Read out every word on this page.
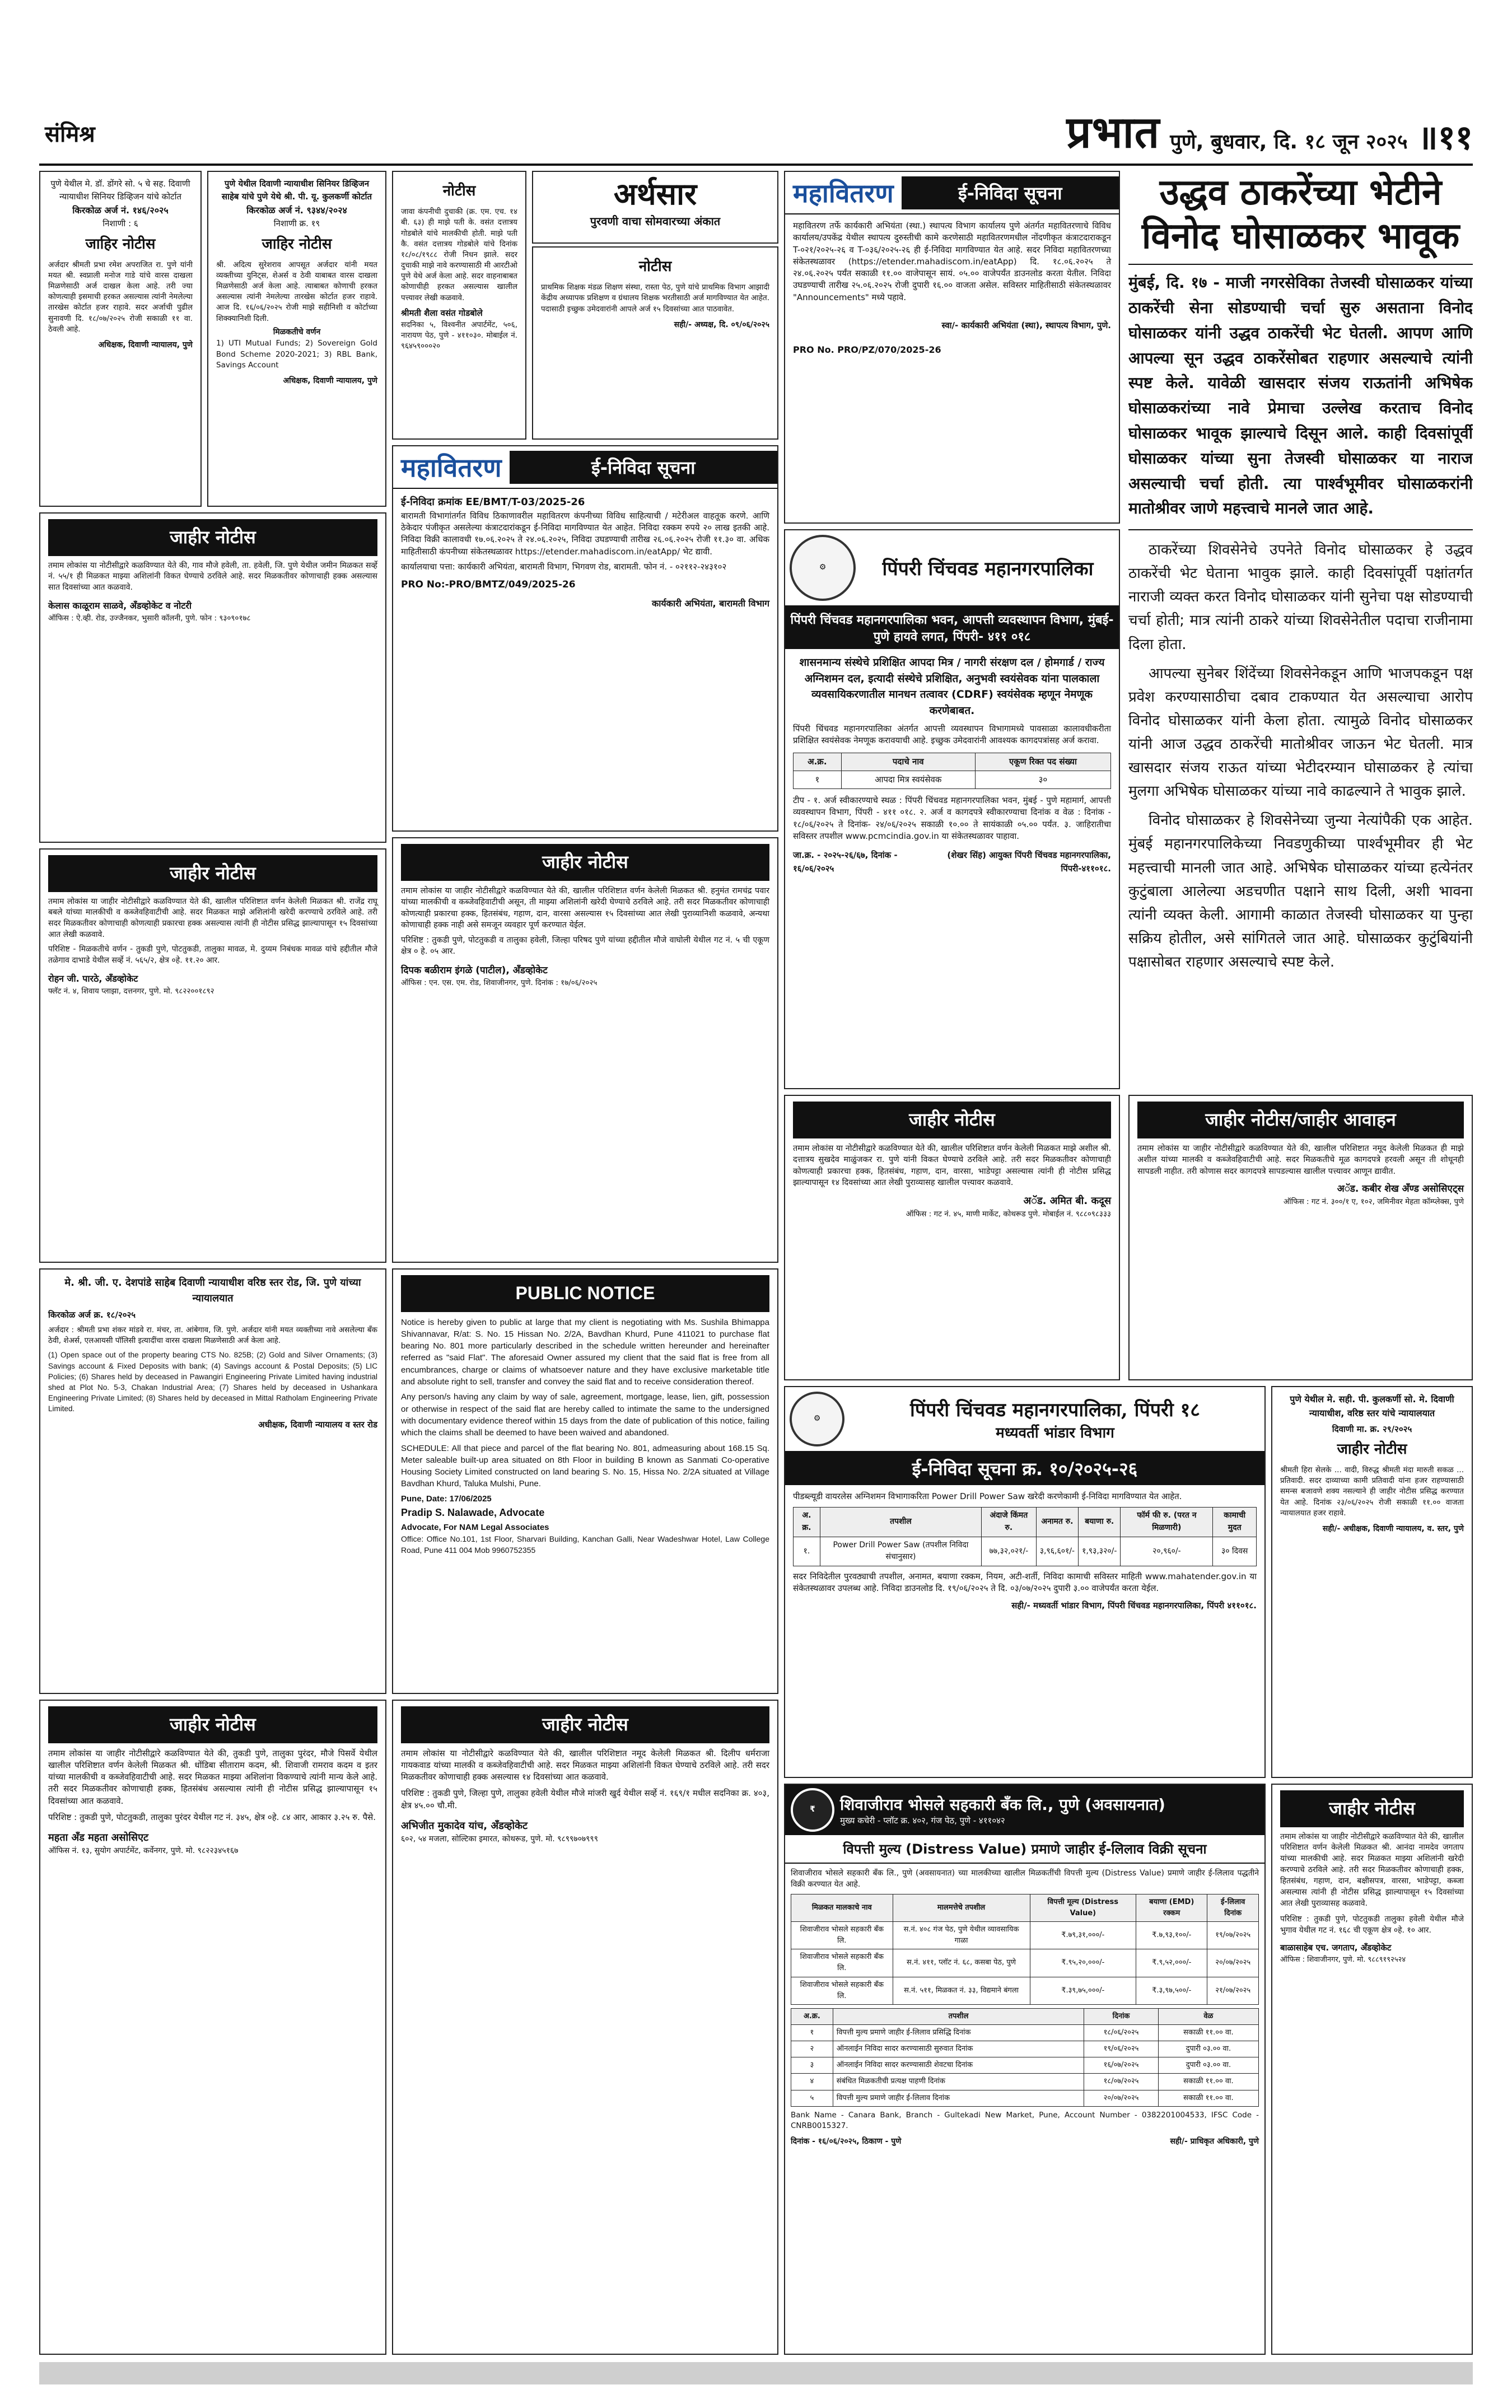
संमिश्र	प्रभात पुणे, बुधवार, दि. १८ जून २०२५ ॥११
पुणे येथील मे. डॉ. डोंगरे सो. ५ चे सह. दिवाणी न्यायाधीश सिनियर डिव्हिजन यांचे कोर्टात
किरकोळ अर्ज नं. १४६/२०२५
निशाणी : ६
जाहिर नोटीस
अर्जदार श्रीमती प्रभा रमेश अपराजित रा. पुणे यांनी मयत श्री. स्वप्नाली मनोज गाडे यांचे वारस दाखला मिळणेसाठी अर्ज दाखल केला आहे. तरी ज्या कोणत्याही इसमाची हरकत असल्यास त्यांनी नेमलेल्या तारखेस कोर्टात हजर राहावे. सदर अर्जाची पुढील सुनावणी दि. १८/०७/२०२५ रोजी सकाळी ११ वा. ठेवली आहे.
अधिक्षक, दिवाणी न्यायालय, पुणे
पुणे येथील दिवाणी न्यायाधीश सिनियर डिव्हिजन साहेब यांचे पुणे येथे श्री. पी. यू. कुलकर्णी कोर्टात
किरकोळ अर्ज नं. ९३४४/२०२४
निशाणी क्र. १९
जाहिर नोटीस
श्री. अदित्य सुरेशराव आपसूत अर्जदार यांनी मयत व्यक्तीच्या युनिट्स, शेअर्स व ठेवी याबाबत वारस दाखला मिळणेसाठी अर्ज केला आहे. त्याबाबत कोणाची हरकत असल्यास त्यांनी नेमलेल्या तारखेस कोर्टात हजर राहावे. आज दि. १६/०६/२०२५ रोजी माझे सहीनिशी व कोर्टाच्या शिक्क्यानिशी दिली.
मिळकतीचे वर्णन
1) UTI Mutual Funds; 2) Sovereign Gold Bond Scheme 2020-2021; 3) RBL Bank, Savings Account
अधिक्षक, दिवाणी न्यायालय, पुणे
नोटीस
जावा कंपनीची दुचाकी (क्र. एम. एच. १४ बी. ६३) ही माझे पती के. वसंत दत्तात्रय गोडबोले यांचे मालकीची होती. माझे पती कै. वसंत दत्तात्रय गोडबोले यांचे दिनांक १८/०८/१९८८ रोजी निधन झाले. सदर दुचाकी माझे नावे करण्यासाठी मी आरटीओ पुणे येथे अर्ज केला आहे. सदर वाहनाबाबत कोणाचीही हरकत असल्यास खालील पत्त्यावर लेखी कळवावे.
श्रीमती शैला वसंत गोडबोले
सदनिका ५, विश्वनीत अपार्टमेंट, ५०६, नारायण पेठ, पुणे - ४११०३०. मोबाईल नं. ९६४५९०००२०
अर्थसार
पुरवणी वाचा सोमवारच्या अंकात
नोटीस
प्राथमिक शिक्षक मंडळ शिक्षण संस्था, रास्ता पेठ, पुणे यांचे प्राथमिक विभाग आझादी केंद्रीय अध्यापक प्रशिक्षण व ग्रंथालय शिक्षक भरतीसाठी अर्ज मागविण्यात येत आहेत. पदासाठी इच्छुक उमेदवारांनी आपले अर्ज १५ दिवसांच्या आत पाठवावेत.
सही/- अध्यक्ष, दि. ०९/०६/२०२५
महावितरण	ई-निविदा सूचना
महावितरण तर्फे कार्यकारी अभियंता (स्था.) स्थापत्य विभाग कार्यालय पुणे अंतर्गत महावितरणाचे विविध कार्यालय/उपकेंद्र येथील स्थापत्य दुरुस्तीची कामे करणेसाठी महावितरणमधील नोंदणीकृत कंत्राटदाराकडून T-०२१/२०२५-२६ व T-०३६/२०२५-२६ ही ई-निविदा मागविण्यात येत आहे. सदर निविदा महावितरणच्या संकेतस्थळावर (https://etender.mahadiscom.in/eatApp) दि. १८.०६.२०२५ ते २४.०६.२०२५ पर्यंत सकाळी ११.०० वाजेपासून सायं. ०५.०० वाजेपर्यंत डाउनलोड करता येतील. निविदा उघडण्याची तारीख २५.०६.२०२५ रोजी दुपारी १६.०० वाजता असेल. सविस्तर माहितीसाठी संकेतस्थळावर "Announcements" मध्ये पहावे.
स्वा/- कार्यकारी अभियंता (स्था), स्थापत्य विभाग, पुणे.
PRO No. PRO/PZ/070/2025-26
उद्धव ठाकरेंच्या भेटीने विनोद घोसाळकर भावूक
मुंबई, दि. १७ - माजी नगरसेविका तेजस्वी घोसाळकर यांच्या ठाकरेंची सेना सोडण्याची चर्चा सुरु असताना विनोद घोसाळकर यांनी उद्धव ठाकरेंची भेट घेतली. आपण आणि आपल्या सून उद्धव ठाकरेंसोबत राहणार असल्याचे त्यांनी स्पष्ट केले. यावेळी खासदार संजय राऊतांनी अभिषेक घोसाळकरांच्या नावे प्रेमाचा उल्लेख करताच विनोद घोसाळकर भावूक झाल्याचे दिसून आले. काही दिवसांपूर्वी घोसाळकर यांच्या सुना तेजस्वी घोसाळकर या नाराज असल्याची चर्चा होती. त्या पार्श्वभूमीवर घोसाळकरांनी मातोश्रीवर जाणे महत्त्वाचे मानले जात आहे.

ठाकरेंच्या शिवसेनेचे उपनेते विनोद घोसाळकर हे उद्धव ठाकरेंची भेट घेताना भावुक झाले. काही दिवसांपूर्वी पक्षांतर्गत नाराजी व्यक्त करत विनोद घोसाळकर यांनी सुनेचा पक्ष सोडण्याची चर्चा होती; मात्र त्यांनी ठाकरे यांच्या शिवसेनेतील पदाचा राजीनामा दिला होता.

आपल्या सुनेबर शिंदेंच्या शिवसेनेकडून आणि भाजपकडून पक्ष प्रवेश करण्यासाठीचा दबाव टाकण्यात येत असल्याचा आरोप विनोद घोसाळकर यांनी केला होता. त्यामुळे विनोद घोसाळकर यांनी आज उद्धव ठाकरेंची मातोश्रीवर जाऊन भेट घेतली. मात्र खासदार संजय राऊत यांच्या भेटीदरम्यान घोसाळकर हे त्यांचा मुलगा अभिषेक घोसाळकर यांच्या नावे काढल्याने ते भावुक झाले.

विनोद घोसाळकर हे शिवसेनेच्या जुन्या नेत्यांपैकी एक आहेत. मुंबई महानगरपालिकेच्या निवडणुकीच्या पार्श्वभूमीवर ही भेट महत्त्वाची मानली जात आहे. अभिषेक घोसाळकर यांच्या हत्येनंतर कुटुंबाला आलेल्या अडचणीत पक्षाने साथ दिली, अशी भावना त्यांनी व्यक्त केली. आगामी काळात तेजस्वी घोसाळकर या पुन्हा सक्रिय होतील, असे सांगितले जात आहे. घोसाळकर कुटुंबियांनी पक्षासोबत राहणार असल्याचे स्पष्ट केले.

जाहीर नोटीस
तमाम लोकांस या नोटीसीद्वारे कळविण्यात येते की, गाव मौजे हवेली, ता. हवेली, जि. पुणे येथील जमीन मिळकत सर्व्हे नं. ५५/१ ही मिळकत माझ्या अशिलांनी विकत घेण्याचे ठरविले आहे. सदर मिळकतीवर कोणाचाही हक्क असल्यास सात दिवसांच्या आत कळवावे.
केलास काळूराम साळवे, अँडव्होकेट व नोटरी
ऑफिस : ऐ.व्ही. रोड, उज्जैनकर, भुसारी कॉलनी, पुणे. फोन : ९३०९०१७८
जाहीर नोटीस
तमाम लोकांस या जाहीर नोटीसीद्वारे कळविण्यात येते की, खालील परिशिष्टात वर्णन केलेली मिळकत श्री. राजेंद्र राघू बबले यांच्या मालकीची व कब्जेवहिवाटीची आहे. सदर मिळकत माझे अशिलांनी खरेदी करण्याचे ठरविले आहे. तरी सदर मिळकतीवर कोणाचाही कोणत्याही प्रकारचा हक्क असल्यास त्यांनी ही नोटीस प्रसिद्ध झाल्यापासून १५ दिवसांच्या आत लेखी कळवावे.
परिशिष्ट - मिळकतीचे वर्णन - तुकडी पुणे, पोटतुकडी, तालुका मावळ, मे. दुय्यम निबंधक मावळ यांचे हद्दीतील मौजे तळेगाव दाभाडे येथील सर्व्हे नं. ५६५/२, क्षेत्र ०हे. ११.२० आर.
रोहन जी. पारठे, अँडव्होकेट
फ्लॅट नं. ४, शिवाय प्लाझा, दत्तनगर, पुणे. मो. ९८२२००१८९२
महावितरण	ई-निविदा सूचना
ई-निविदा क्रमांक EE/BMT/T-03/2025-26
बारामती विभागांतर्गत विविध ठिकाणावरील महावितरण कंपनीच्या विविध साहित्याची / मटेरीअल वाहतूक करणे. आणि ठेकेदार पंजीकृत असलेल्या कंत्राटदारांकडून ई-निविदा मागविण्यात येत आहेत. निविदा रक्कम रुपये २० लाख इतकी आहे. निविदा विक्री कालावधी १७.०६.२०२५ ते २४.०६.२०२५, निविदा उघडण्याची तारीख २६.०६.२०२५ रोजी ११.३० वा. अधिक माहितीसाठी कंपनीच्या संकेतस्थळावर https://etender.mahadiscom.in/eatApp/ भेट द्यावी.
कार्यालयाचा पत्ता: कार्यकारी अभियंता, बारामती विभाग, भिगवण रोड, बारामती. फोन नं. - ०२११२-२४३१०२
PRO No:-PRO/BMTZ/049/2025-26
कार्यकारी अभियंता, बारामती विभाग
⚙	पिंपरी चिंचवड महानगरपालिका
पिंपरी चिंचवड महानगरपालिका भवन, आपत्ती व्यवस्थापन विभाग, मुंबई-पुणे हायवे लगत, पिंपरी- ४११ ०१८
शासनमान्य संस्थेचे प्रशिक्षित आपदा मित्र / नागरी संरक्षण दल / होमगार्ड / राज्य अग्निशमन दल, इत्यादी संस्थेचे प्रशिक्षित, अनुभवी स्वयंसेवक यांना पालकाला व्यवसायिकरणातील मानधन तत्वावर (CDRF) स्वयंसेवक म्हणून नेमणूक करणेबाबत.
पिंपरी चिंचवड महानगरपालिका अंतर्गत आपत्ती व्यवस्थापन विभागामध्ये पावसाळा कालावधीकरीता प्रशिक्षित स्वयंसेवक नेमणूक करावयाची आहे. इच्छुक उमेदवारांनी आवश्यक कागदपत्रांसह अर्ज करावा.
अ.क्र.	पदाचे नाव	एकूण रिक्त पद संख्या
१	आपदा मित्र स्वयंसेवक	३०
टीप - १. अर्ज स्वीकारण्याचे स्थळ : पिंपरी चिंचवड महानगरपालिका भवन, मुंबई - पुणे महामार्ग, आपत्ती व्यवस्थापन विभाग, पिंपरी - ४११ ०१८. २. अर्ज व कागदपत्रे स्वीकारण्याचा दिनांक व वेळ : दिनांक - १८/०६/२०२५ ते दिनांक- २४/०६/२०२५ सकाळी १०.०० ते सायंकाळी ०५.०० पर्यंत. ३. जाहिरातीचा सविस्तर तपशील www.pcmcindia.gov.in या संकेतस्थळावर पाहावा.
जा.क्र. - २०२५-२६/६७, दिनांक - १६/०६/२०२५
(शेखर सिंह) आयुक्त पिंपरी चिंचवड महानगरपालिका, पिंपरी-४११०१८.
जाहीर नोटीस
तमाम लोकांस या जाहीर नोटीसीद्वारे कळविण्यात येते की, खालील परिशिष्टात वर्णन केलेली मिळकत श्री. हनुमंत रामचंद्र पवार यांच्या मालकीची व कब्जेवहिवाटीची असून, ती माझ्या अशिलांनी खरेदी घेण्याचे ठरविले आहे. तरी सदर मिळकतीवर कोणाचाही कोणत्याही प्रकारचा हक्क, हितसंबंध, गहाण, दान, वारसा असल्यास १५ दिवसांच्या आत लेखी पुराव्यानिशी कळवावे, अन्यथा कोणाचाही हक्क नाही असे समजून व्यवहार पूर्ण करण्यात येईल.
परिशिष्ट : तुकडी पुणे, पोटतुकडी व तालुका हवेली, जिल्हा परिषद पुणे यांच्या हद्दीतील मौजे वाघोली येथील गट नं. ५ ची एकूण क्षेत्र ० हे. ०५ आर.
दिपक बळीराम इंगळे (पाटील), अँडव्होकेट
ऑफिस : एन. एस. एम. रोड, शिवाजीनगर, पुणे. दिनांक : १७/०६/२०२५
जाहीर नोटीस
तमाम लोकांस या नोटीसीद्वारे कळविण्यात येते की, खालील परिशिष्टात वर्णन केलेली मिळकत माझे अशील श्री. दत्तात्रय सुखदेव माळुंजकर रा. पुणे यांनी विकत घेण्याचे ठरविले आहे. तरी सदर मिळकतीवर कोणाचाही कोणत्याही प्रकारचा हक्क, हितसंबंध, गहाण, दान, वारसा, भाडेपट्टा असल्यास त्यांनी ही नोटीस प्रसिद्ध झाल्यापासून १४ दिवसांच्या आत लेखी पुराव्यासह खालील पत्त्यावर कळवावे.
अॅड. अमित बी. कदूस
ऑफिस : गट नं. ४५, माणी मार्केट, कोथरूड पुणे. मोबाईल नं. ९८८०९८३३३
जाहीर नोटीस/जाहीर आवाहन
तमाम लोकांस या जाहीर नोटीसीद्वारे कळविण्यात येते की, खालील परिशिष्टात नमूद केलेली मिळकत ही माझे अशील यांच्या मालकी व कब्जेवहिवाटीची आहे. सदर मिळकतीचे मूळ कागदपत्रे हरवली असून ती शोधूनही सापडली नाहीत. तरी कोणास सदर कागदपत्रे सापडल्यास खालील पत्त्यावर आणून द्यावीत.
अॅड. कबीर शेख अँण्ड असोसिएट्स
ऑफिस : गट नं. ३००/१ ए, १०२, जमिनीवर मेहता कॉम्प्लेक्स, पुणे
मे. श्री. जी. ए. देशपांडे साहेब दिवाणी न्यायाधीश वरिष्ठ स्तर रोड, जि. पुणे यांच्या न्यायालयात
किरकोळ अर्ज क्र. १८/२०२५
अर्जदार : श्रीमती प्रभा शंकर मांडवे रा. मंचर, ता. आंबेगाव, जि. पुणे. अर्जदार यांनी मयत व्यक्तीच्या नावे असलेल्या बँक ठेवी, शेअर्स, एलआयसी पॉलिसी इत्यादींचा वारस दाखला मिळणेसाठी अर्ज केला आहे.
(1) Open space out of the property bearing CTS No. 825B; (2) Gold and Silver Ornaments; (3) Savings account & Fixed Deposits with bank; (4) Savings account & Postal Deposits; (5) LIC Policies; (6) Shares held by deceased in Pawangiri Engineering Private Limited having industrial shed at Plot No. 5-3, Chakan Industrial Area; (7) Shares held by deceased in Ushankara Engineering Private Limited; (8) Shares held by deceased in Mittal Ratholam Engineering Private Limited.
अधीक्षक, दिवाणी न्यायालय व स्तर रोड
PUBLIC NOTICE
Notice is hereby given to public at large that my client is negotiating with Ms. Sushila Bhimappa Shivannavar, R/at: S. No. 15 Hissan No. 2/2A, Bavdhan Khurd, Pune 411021 to purchase flat bearing No. 801 more particularly described in the schedule written hereunder and hereinafter referred as "said Flat". The aforesaid Owner assured my client that the said flat is free from all encumbrances, charge or claims of whatsoever nature and they have exclusive marketable title and absolute right to sell, transfer and convey the said flat and to receive consideration thereof.
Any person/s having any claim by way of sale, agreement, mortgage, lease, lien, gift, possession or otherwise in respect of the said flat are hereby called to intimate the same to the undersigned with documentary evidence thereof within 15 days from the date of publication of this notice, failing which the claims shall be deemed to have been waived and abandoned.
SCHEDULE: All that piece and parcel of the flat bearing No. 801, admeasuring about 168.15 Sq. Meter saleable built-up area situated on 8th Floor in building B known as Sanmati Co-operative Housing Society Limited constructed on land bearing S. No. 15, Hissa No. 2/2A situated at Village Bavdhan Khurd, Taluka Mulshi, Pune.
Pune, Date: 17/06/2025
Pradip S. Nalawade, Advocate
Advocate, For NAM Legal Associates
Office: Office No.101, 1st Floor, Sharvari Building, Kanchan Galli, Near Wadeshwar Hotel, Law College Road, Pune 411 004 Mob 9960752355
⚙	पिंपरी चिंचवड महानगरपालिका, पिंपरी १८
मध्यवर्ती भांडार विभाग
ई-निविदा सूचना क्र. १०/२०२५-२६
पीडब्ल्यूडी वायरलेस अग्निशमन विभागाकरिता Power Drill Power Saw खरेदी करणेकामी ई-निविदा मागविण्यात येत आहेत.
अ. क्र.	तपशील	अंदाजे किंमत रु.	अनामत रु.	बयाणा रु.	फॉर्म फी रु. (परत न मिळणारी)	कामाची मुदत
१.	Power Drill Power Saw (तपशील निविदा संचानुसार)	७७,३२,०२१/-	३,९६,६०१/-	१,९३,३२०/-	२०,९६०/-	३० दिवस
सदर निविदेतील पुरवठ्याची तपशील, अनामत, बयाणा रक्कम, नियम, अटी-शर्ती, निविदा कामाची सविस्तर माहिती www.mahatender.gov.in या संकेतस्थळावर उपलब्ध आहे. निविदा डाउनलोड दि. १९/०६/२०२५ ते दि. ०३/०७/२०२५ दुपारी ३.०० वाजेपर्यंत करता येईल.
सही/- मध्यवर्ती भांडार विभाग, पिंपरी चिंचवड महानगरपालिका, पिंपरी ४११०१८.
पुणे येथील मे. सही. पी. कुलकर्णी सो. मे. दिवाणी न्यायाधीश, वरिष्ठ स्तर यांचे न्यायालयात
दिवाणी मा. क्र. २९/२०२५
जाहीर नोटीस
श्रीमती हिरा सेलके ... वादी, विरुद्ध श्रीमती मंदा मारुती सकळ ... प्रतिवादी. सदर दाव्याच्या कामी प्रतिवादी यांना हजर राहण्यासाठी समन्स बजावणे शक्य नसल्याने ही जाहीर नोटीस प्रसिद्ध करण्यात येत आहे. दिनांक २३/०६/२०२५ रोजी सकाळी ११.०० वाजता न्यायालयात हजर राहावे.
सही/- अधीक्षक, दिवाणी न्यायालय, व. स्तर, पुणे
जाहीर नोटीस
तमाम लोकांस या जाहीर नोटीसीद्वारे कळविण्यात येते की, तुकडी पुणे, तालुका पुरंदर, मौजे पिसर्वे येथील खालील परिशिष्टात वर्णन केलेली मिळकत श्री. धोंडिबा सीताराम कदम, श्री. शिवाजी रामराव कदम व इतर यांच्या मालकीची व कब्जेवहिवाटीची आहे. सदर मिळकत माझ्या अशिलांना विकण्याचे त्यांनी मान्य केले आहे. तरी सदर मिळकतीवर कोणाचाही हक्क, हितसंबंध असल्यास त्यांनी ही नोटीस प्रसिद्ध झाल्यापासून १५ दिवसांच्या आत कळवावे.
परिशिष्ट : तुकडी पुणे, पोटतुकडी, तालुका पुरंदर येथील गट नं. ३४५, क्षेत्र ०हे. ८४ आर, आकार ३.२५ रु. पैसे.
महता अँड महता असोसिएट
ऑफिस नं. १३, सुयोग अपार्टमेंट, कर्वेनगर, पुणे. मो. ९८२२३४५१६७
जाहीर नोटीस
तमाम लोकांस या नोटीसीद्वारे कळविण्यात येते की, खालील परिशिष्टात नमूद केलेली मिळकत श्री. दिलीप धर्मराजा गायकवाड यांच्या मालकी व कब्जेवहिवाटीची आहे. सदर मिळकत माझ्या अशिलांनी विकत घेण्याचे ठरविले आहे. तरी सदर मिळकतीवर कोणाचाही हक्क असल्यास १४ दिवसांच्या आत कळवावे.
परिशिष्ट : तुकडी पुणे, जिल्हा पुणे, तालुका हवेली येथील मौजे मांजरी खुर्द येथील सर्व्हे नं. १६९/१ मधील सदनिका क्र. ४०३, क्षेत्र ४५.०० चौ.मी.
अभिजीत मुकादेव यांच, अँडव्होकेट
६०२, ५४ मजला, सोल्टिका इमारत, कोथरूड, पुणे. मो. ९८९९७०७९९९
₹ शिवाजीराव भोसले सहकारी बँक लि., पुणे (अवसायनात)
मुख्य कचेरी - प्लॉट क्र. ४०२, गंज पेठ, पुणे - ४११०४२
विपत्ती मुल्य (Distress Value) प्रमाणे जाहीर ई-लिलाव विक्री सूचना
शिवाजीराव भोसले सहकारी बँक लि., पुणे (अवसायनात) च्या मालकीच्या खालील मिळकतींची विपत्ती मुल्य (Distress Value) प्रमाणे जाहीर ई-लिलाव पद्धतीने विक्री करण्यात येत आहे.
मिळकत मालकाचे नाव	मालमत्तेचे तपशील	विपत्ती मूल्य (Distress Value)	बयाणा (EMD) रक्कम	ई-लिलाव दिनांक
शिवाजीराव भोसले सहकारी बँक लि.	स.नं. ४०८ गंज पेठ, पुणे येथील व्यावसायिक गाळा	₹.७९,३१,०००/-	₹.७,९३,१००/-	१९/०७/२०२५
शिवाजीराव भोसले सहकारी बँक लि.	स.नं. ४११, प्लॉट नं. ६८, कसबा पेठ, पुणे	₹.९५,२०,०००/-	₹.९,५२,०००/-	२०/०७/२०२५
शिवाजीराव भोसले सहकारी बँक लि.	स.नं. ५११, मिळकत नं. ३३, विद्यमाने बंगला	₹.३९,७५,०००/-	₹.३,९७,५००/-	२१/०७/२०२५
अ.क्र.	तपशील	दिनांक	वेळ
१	विपत्ती मुल्य प्रमाणे जाहीर ई-लिलाव प्रसिद्धि दिनांक	१८/०६/२०२५	सकाळी ११.०० वा.
२	ऑनलाईन निविदा सादर करण्यासाठी सुरुवात दिनांक	१९/०६/२०२५	दुपारी ०३.०० वा.
३	ऑनलाईन निविदा सादर करण्यासाठी शेवटचा दिनांक	१६/०७/२०२५	दुपारी ०३.०० वा.
४	संबंधित मिळकतीची प्रत्यक्ष पाहणी दिनांक	१८/०७/२०२५	सकाळी ११.०० वा.
५	विपत्ती मुल्य प्रमाणे जाहीर ई-लिलाव दिनांक	२०/०७/२०२५	सकाळी ११.०० वा.
Bank Name - Canara Bank, Branch - Gultekadi New Market, Pune, Account Number - 0382201004533, IFSC Code - CNRB0015327.
दिनांक - १६/०६/२०२५, ठिकाण - पुणे	सही/- प्राधिकृत अधिकारी, पुणे
जाहीर नोटीस
तमाम लोकांस या जाहीर नोटीसीद्वारे कळविण्यात येते की, खालील परिशिष्टात वर्णन केलेली मिळकत श्री. आनंदा नामदेव जगताप यांच्या मालकीची आहे. सदर मिळकत माझ्या अशिलांनी खरेदी करण्याचे ठरविले आहे. तरी सदर मिळकतीवर कोणाचाही हक्क, हितसंबंध, गहाण, दान, बक्षीसपत्र, वारसा, भाडेपट्टा, कब्जा असल्यास त्यांनी ही नोटीस प्रसिद्ध झाल्यापासून १५ दिवसांच्या आत लेखी पुराव्यासह कळवावे.
परिशिष्ट : तुकडी पुणे, पोटतुकडी तालुका हवेली येथील मौजे भुगाव येथील गट नं. १६८ ची एकूण क्षेत्र ०हे. १० आर.
बाळासाहेब एच. जगताप, अँडव्होकेट
ऑफिस : शिवाजीनगर, पुणे. मो. ९८८९१९२५२४
